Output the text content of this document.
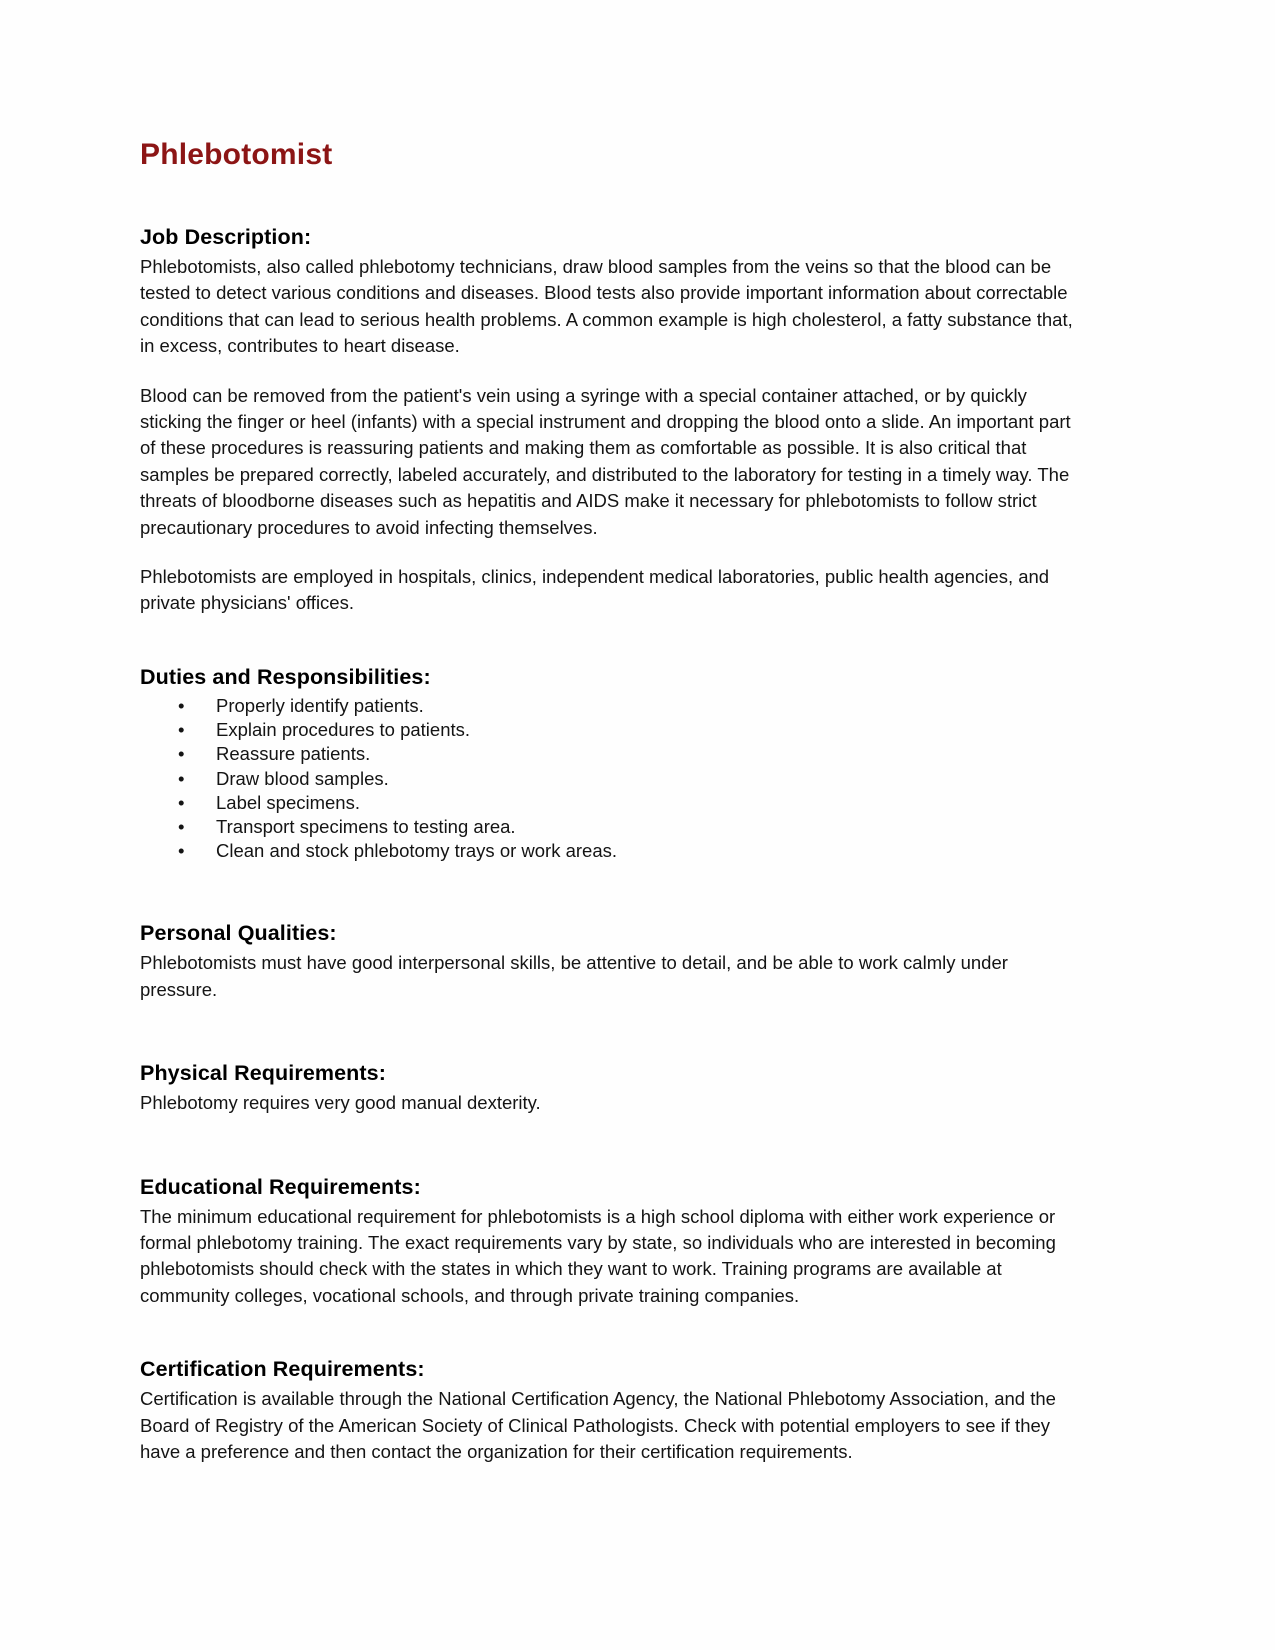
Phlebotomist
Job Description:

Phlebotomists, also called phlebotomy technicians, draw blood samples from the veins so that the blood can be tested to detect various conditions and diseases. Blood tests also provide important information about correctable conditions that can lead to serious health problems. A common example is high cholesterol, a fatty substance that, in excess, contributes to heart disease.

Blood can be removed from the patient's vein using a syringe with a special container attached, or by quickly sticking the finger or heel (infants) with a special instrument and dropping the blood onto a slide. An important part of these procedures is reassuring patients and making them as comfortable as possible. It is also critical that samples be prepared correctly, labeled accurately, and distributed to the laboratory for testing in a timely way. The threats of bloodborne diseases such as hepatitis and AIDS make it necessary for phlebotomists to follow strict precautionary procedures to avoid infecting themselves.

Phlebotomists are employed in hospitals, clinics, independent medical laboratories, public health agencies, and private physicians' offices.

Duties and Responsibilities:
• Properly identify patients.
• Explain procedures to patients.
• Reassure patients.
• Draw blood samples.
• Label specimens.
• Transport specimens to testing area.
• Clean and stock phlebotomy trays or work areas.
Personal Qualities:

Phlebotomists must have good interpersonal skills, be attentive to detail, and be able to work calmly under pressure.

Physical Requirements:

Phlebotomy requires very good manual dexterity.

Educational Requirements:

The minimum educational requirement for phlebotomists is a high school diploma with either work experience or formal phlebotomy training. The exact requirements vary by state, so individuals who are interested in becoming phlebotomists should check with the states in which they want to work. Training programs are available at community colleges, vocational schools, and through private training companies.

Certification Requirements:

Certification is available through the National Certification Agency, the National Phlebotomy Association, and the Board of Registry of the American Society of Clinical Pathologists. Check with potential employers to see if they have a preference and then contact the organization for their certification requirements.
